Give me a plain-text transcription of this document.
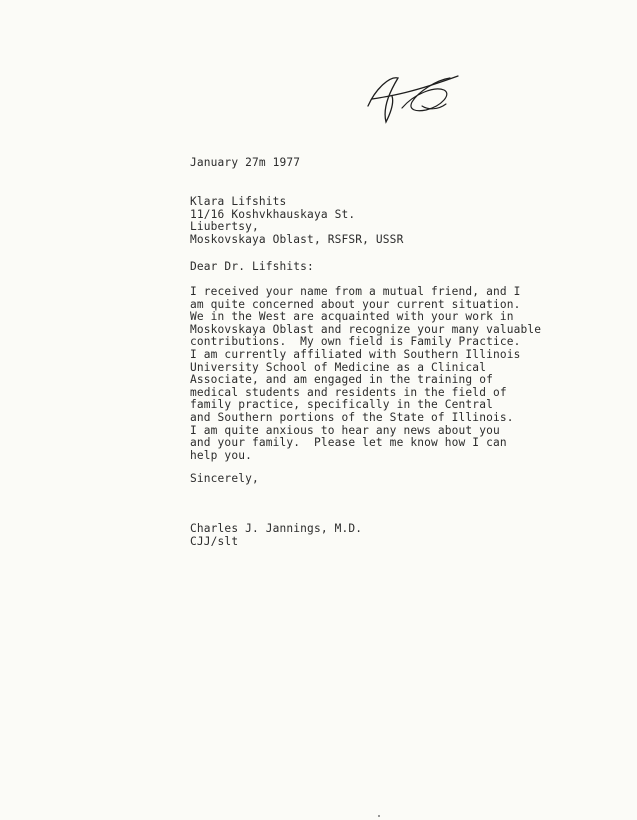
January 27m 1977
Klara Lifshits
11/16 Koshvkhauskaya St.
Liubertsy,
Moskovskaya Oblast, RSFSR, USSR
Dear Dr. Lifshits:
I received your name from a mutual friend, and I
am quite concerned about your current situation.
We in the West are acquainted with your work in
Moskovskaya Oblast and recognize your many valuable
contributions.  My own field is Family Practice.
I am currently affiliated with Southern Illinois
University School of Medicine as a Clinical
Associate, and am engaged in the training of
medical students and residents in the field of
family practice, specifically in the Central
and Southern portions of the State of Illinois.
I am quite anxious to hear any news about you
and your family.  Please let me know how I can
help you.
Sincerely,
Charles J. Jannings, M.D.
CJJ/slt
